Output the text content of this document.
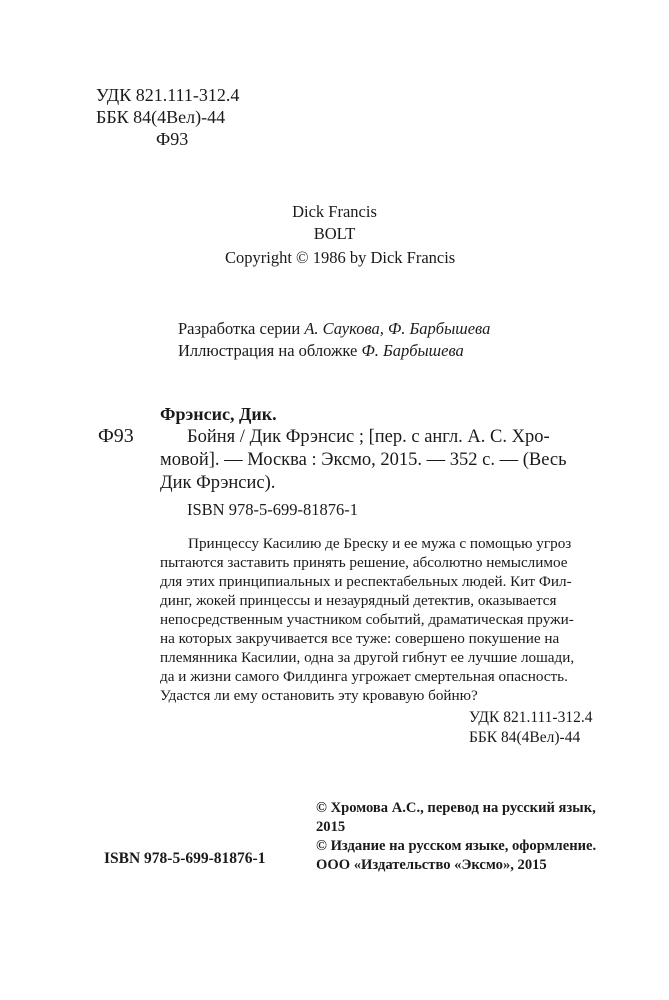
УДК 821.111-312.4
ББК 84(4Вел)-44
Ф93
Dick Francis
BOLT
Copyright © 1986 by Dick Francis
Разработка серии А. Саукова, Ф. Барбышева
Иллюстрация на обложке Ф. Барбышева
Ф93

Фрэнсис, Дик.

Бойня / Дик Фрэнсис ; [пер. с англ. А. С. Хро-

мовой]. — Москва : Эксмо, 2015. — 352 с. — (Весь

Дик Фрэнсис).

ISBN 978-5-699-81876-1
Принцессу Касилию де Бреску и ее мужа с помощью угроз
пытаются заставить принять решение, абсолютно немыслимое
для этих принципиальных и респектабельных людей. Кит Фил-
динг, жокей принцессы и незаурядный детектив, оказывается
непосредственным участником событий, драматическая пружи-
на которых закручивается все туже: совершено покушение на
племянника Касилии, одна за другой гибнут ее лучшие лошади,
да и жизни самого Филдинга угрожает смертельная опасность.
Удастся ли ему остановить эту кровавую бойню?
УДК 821.111-312.4
ББК 84(4Вел)-44
© Хромова А.С., перевод на русский язык,
2015
© Издание на русском языке, оформление.
ООО «Издательство «Эксмо», 2015
ISBN 978-5-699-81876-1
